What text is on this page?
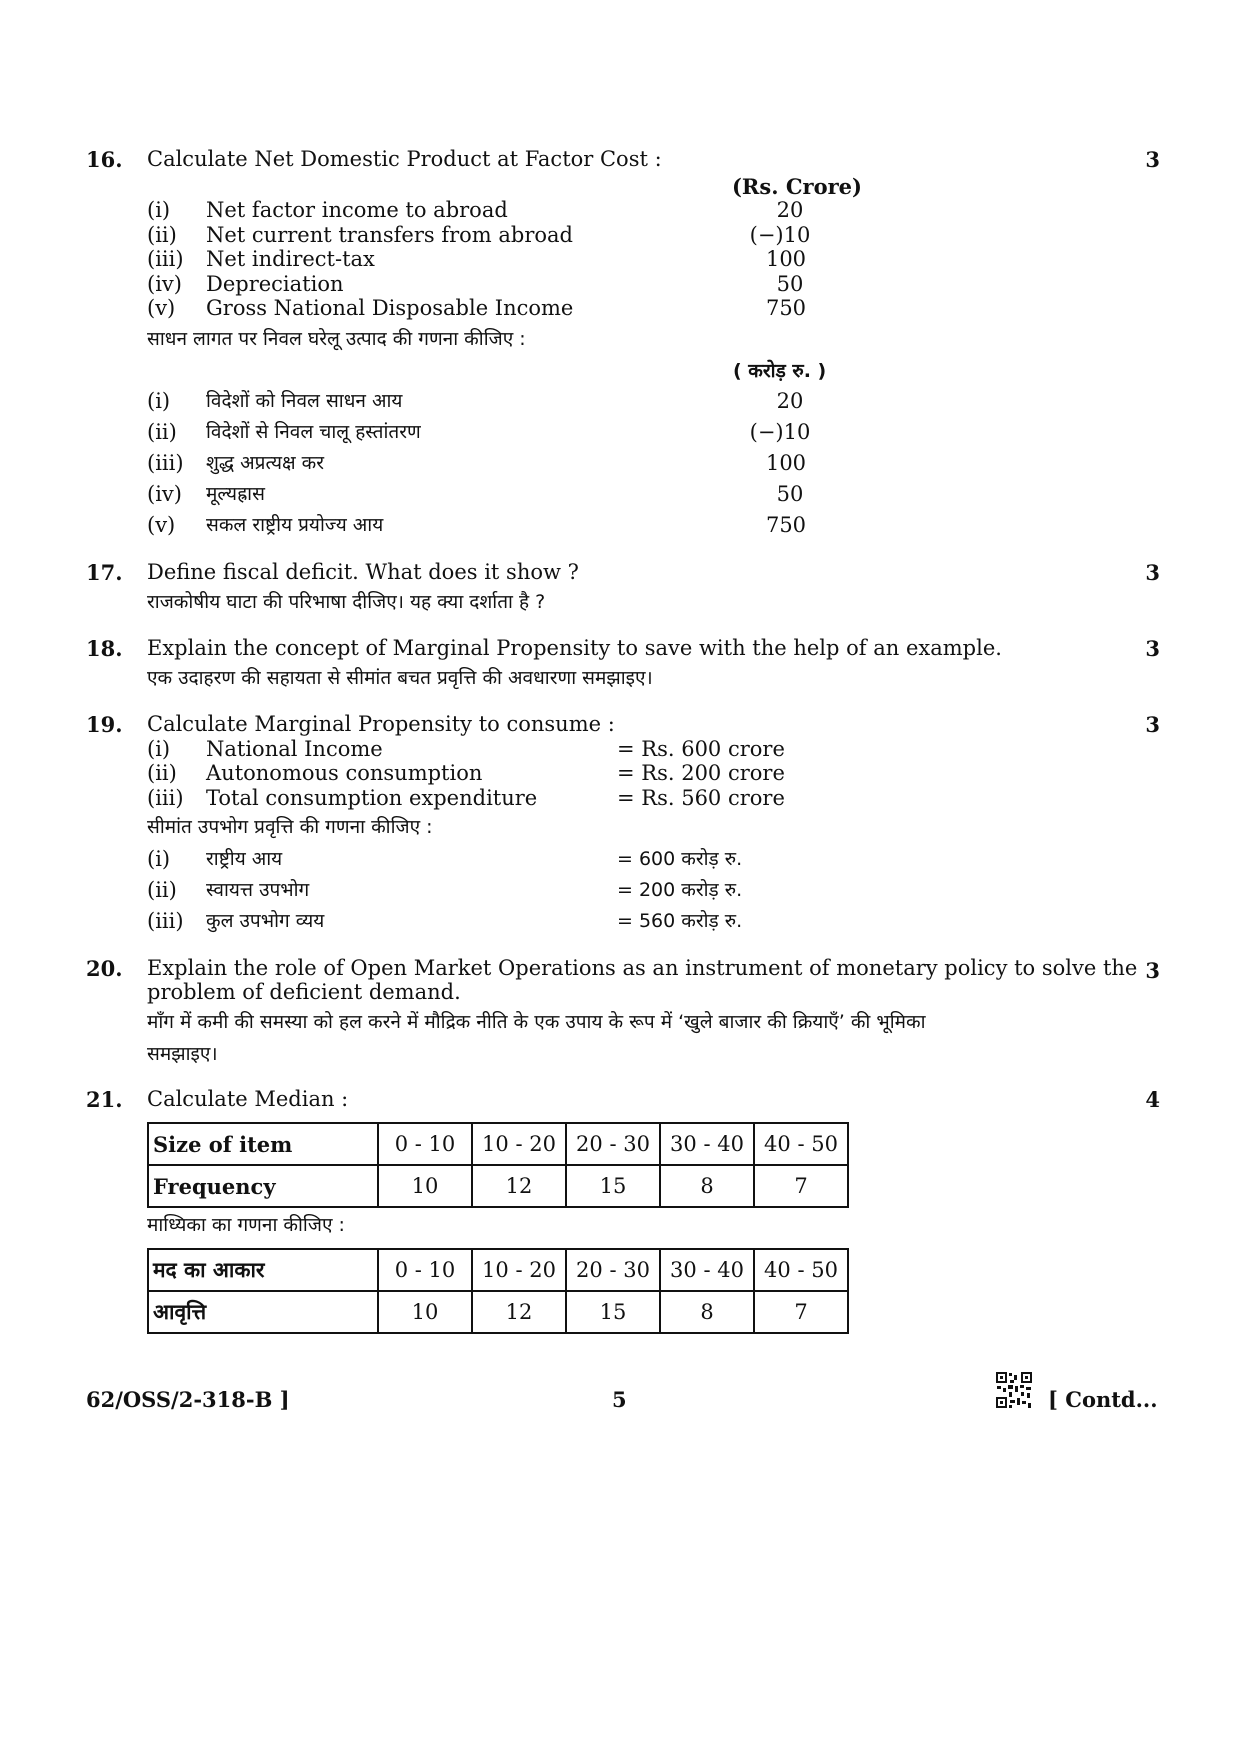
16. Calculate Net Domestic Product at Factor Cost :	3
(Rs. Crore)
(i)	Net factor income to abroad	20
(ii)	Net current transfers from abroad	(−)10
(iii)	Net indirect-tax	100
(iv)	Depreciation	50
(v)	Gross National Disposable Income	750
साधन लागत पर निवल घरेलू उत्पाद की गणना कीजिए :
( करोड़ रु. )
(i)	विदेशों को निवल साधन आय	20
(ii)	विदेशों से निवल चालू हस्तांतरण	(−)10
(iii)	शुद्ध अप्रत्यक्ष कर	100
(iv)	मूल्यह्रास	50
(v)	सकल राष्ट्रीय प्रयोज्य आय	750
17. Define fiscal deficit. What does it show ?	3
राजकोषीय घाटा की परिभाषा दीजिए। यह क्या दर्शाता है ?
18. Explain the concept of Marginal Propensity to save with the help of an example.	3
एक उदाहरण की सहायता से सीमांत बचत प्रवृत्ति की अवधारणा समझाइए।
19. Calculate Marginal Propensity to consume :	3
(i)	National Income	= Rs. 600 crore
(ii)	Autonomous consumption	= Rs. 200 crore
(iii)	Total consumption expenditure	= Rs. 560 crore
सीमांत उपभोग प्रवृत्ति की गणना कीजिए :
(i)	राष्ट्रीय आय	= 600 करोड़ रु.
(ii)	स्वायत्त उपभोग	= 200 करोड़ रु.
(iii)	कुल उपभोग व्यय	= 560 करोड़ रु.
20. Explain the role of Open Market Operations as an instrument of monetary policy to solve the 3
problem of deficient demand.
माँग में कमी की समस्या को हल करने में मौद्रिक नीति के एक उपाय के रूप में ‘खुले बाजार की क्रियाएँ’ की भूमिका
समझाइए।
21. Calculate Median :	4
Size of item	0 - 10	10 - 20	20 - 30	30 - 40	40 - 50
Frequency	10	12	15	8	7
माध्यिका का गणना कीजिए :
मद का आकार	0 - 10	10 - 20	20 - 30	30 - 40	40 - 50
आवृत्ति	10	12	15	8	7
62/OSS/2-318-B ]	5	[ Contd...
